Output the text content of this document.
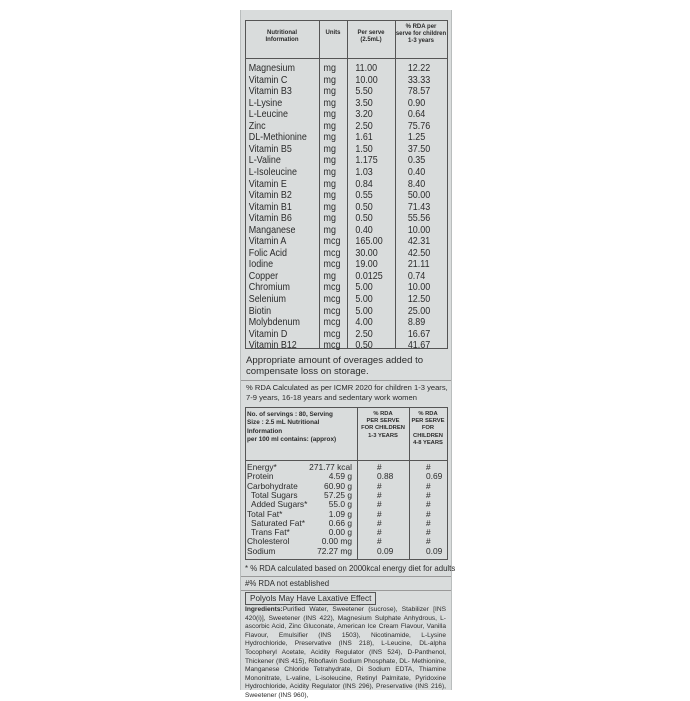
Nutritional
Information
Units	Per serve
(2.5mL)
% RDA per
serve for children
1-3 years
Magnesium	mg 11.00	12.22
Vitamin C	mg 10.00	33.33
Vitamin B3	mg 5.50	78.57
L-Lysine	mg 3.50	0.90
L-Leucine	mg 3.20	0.64
Zinc	mg 2.50	75.76
DL-Methionine mg 1.61	1.25
Vitamin B5	mg 1.50	37.50
L-Valine	mg 1.175	0.35
L-Isoleucine	mg 1.03	0.40
Vitamin E	mg 0.84	8.40
Vitamin B2	mg 0.55	50.00
Vitamin B1	mg 0.50	71.43
Vitamin B6	mg 0.50	55.56
Manganese	mg 0.40	10.00
Vitamin A	mcg 165.00 42.31
Folic Acid	mcg 30.00	42.50
Iodine	mcg 19.00	21.11
Copper	mg 0.0125 0.74
Chromium	mcg 5.00	10.00
Selenium	mcg 5.00	12.50
Biotin	mcg 5.00	25.00
Molybdenum mcg 4.00	8.89
Vitamin D	mcg 2.50	16.67
Vitamin B12	mcg 0.50	41.67
Appropriate amount of overages added to
compensate loss on storage.
% RDA Calculated as per ICMR 2020 for children 1-3 years,
7-9 years, 16-18 years and sedentary work women
No. of servings : 80, Serving
Size : 2.5 mL Nutritional Information
per 100 ml contains: (approx)
% RDA
PER SERVE
FOR CHILDREN
1-3 YEARS
% RDA
PER SERVE
FOR CHILDREN
4-8 YEARS
Energy*	271.77 kcal	#	#
Protein	4.59 g	0.88	0.69
Carbohydrate	60.90 g	#	#
Total Sugars	57.25 g	#	#
Added Sugars*	55.0 g	#	#
Total Fat*	1.09 g	#	#
Saturated Fat*	0.66 g	#	#
Trans Fat*	0.00 g	#	#
Cholesterol	0.00 mg	#	#
Sodium	72.27 mg	0.09	0.09
* % RDA calculated based on 2000kcal energy diet for adults
#% RDA not established
Polyols May Have Laxative Effect
Ingredients:Purified Water, Sweetener (sucrose), Stabilizer [INS 420(i)], Sweetener (INS 422), Magnesium Sulphate Anhydrous, L-ascorbic Acid, Zinc Gluconate, American Ice Cream Flavour, Vanilla Flavour, Emulsifier (INS 1503), Nicotinamide, L-Lysine Hydrochloride, Preservative (INS 218), L-Leucine, DL-alpha Tocopheryl Acetate, Acidity Regulator (INS 524), D-Panthenol, Thickener (INS 415), Riboflavin Sodium Phosphate, DL- Methionine, Manganese Chloride Tetrahydrate, Di Sodium EDTA, Thiamine Mononitrate, L-valine, L-isoleucine, Retinyl Palmitate, Pyridoxine Hydrochloride, Acidity Regulator (INS 296), Preservative (INS 216), Sweetener (INS 960),
